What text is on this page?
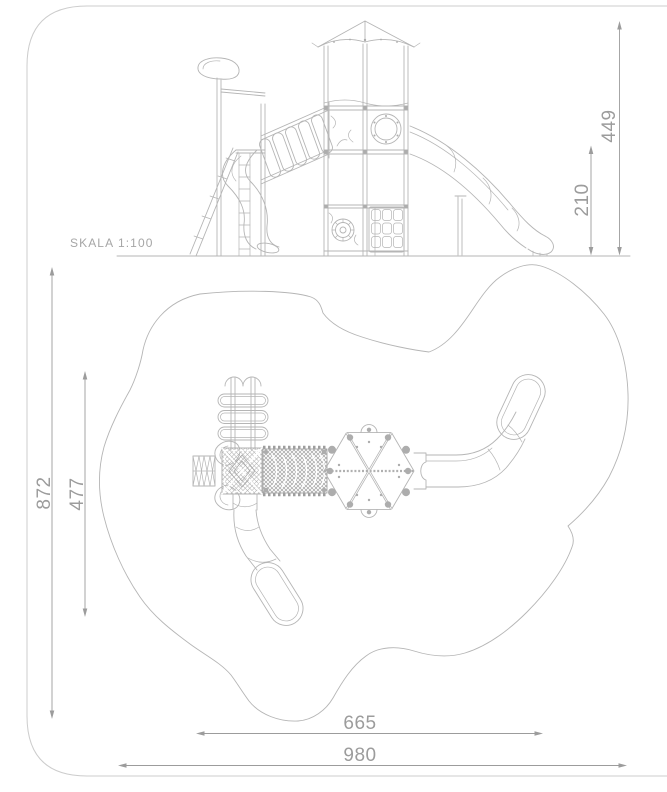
449
210
SKALA 1:100
872 477
665
980
